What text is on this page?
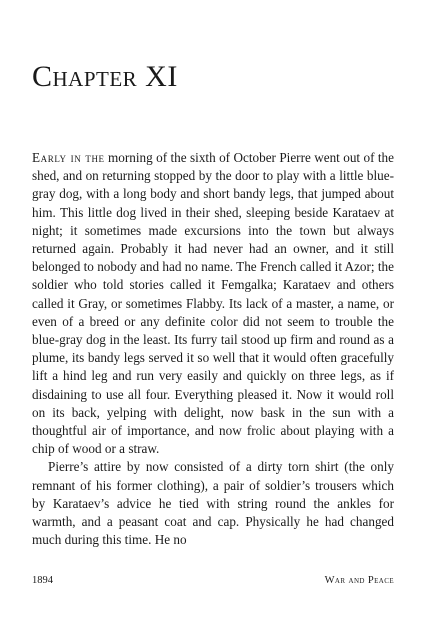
Chapter XI

Early in the morning of the sixth of October Pierre went out of the shed, and on returning stopped by the door to play with a little blue-gray dog, with a long body and short bandy legs, that jumped about him. This little dog lived in their shed, sleeping beside Karataev at night; it sometimes made excursions into the town but always returned again. Probably it had never had an owner, and it still belonged to nobody and had no name. The French called it Azor; the soldier who told stories called it Femgalka; Karataev and others called it Gray, or sometimes Flabby. Its lack of a master, a name, or even of a breed or any definite color did not seem to trouble the blue-gray dog in the least. Its furry tail stood up firm and round as a plume, its bandy legs served it so well that it would often gracefully lift a hind leg and run very easily and quickly on three legs, as if disdaining to use all four. Everything pleased it. Now it would roll on its back, yelping with delight, now bask in the sun with a thoughtful air of importance, and now frolic about playing with a chip of wood or a straw.

Pierre’s attire by now consisted of a dirty torn shirt (the only remnant of his former clothing), a pair of soldier’s trousers which by Karataev’s advice he tied with string round the ankles for warmth, and a peasant coat and cap. Physically he had changed much during this time. He no

1894	War and Peace
